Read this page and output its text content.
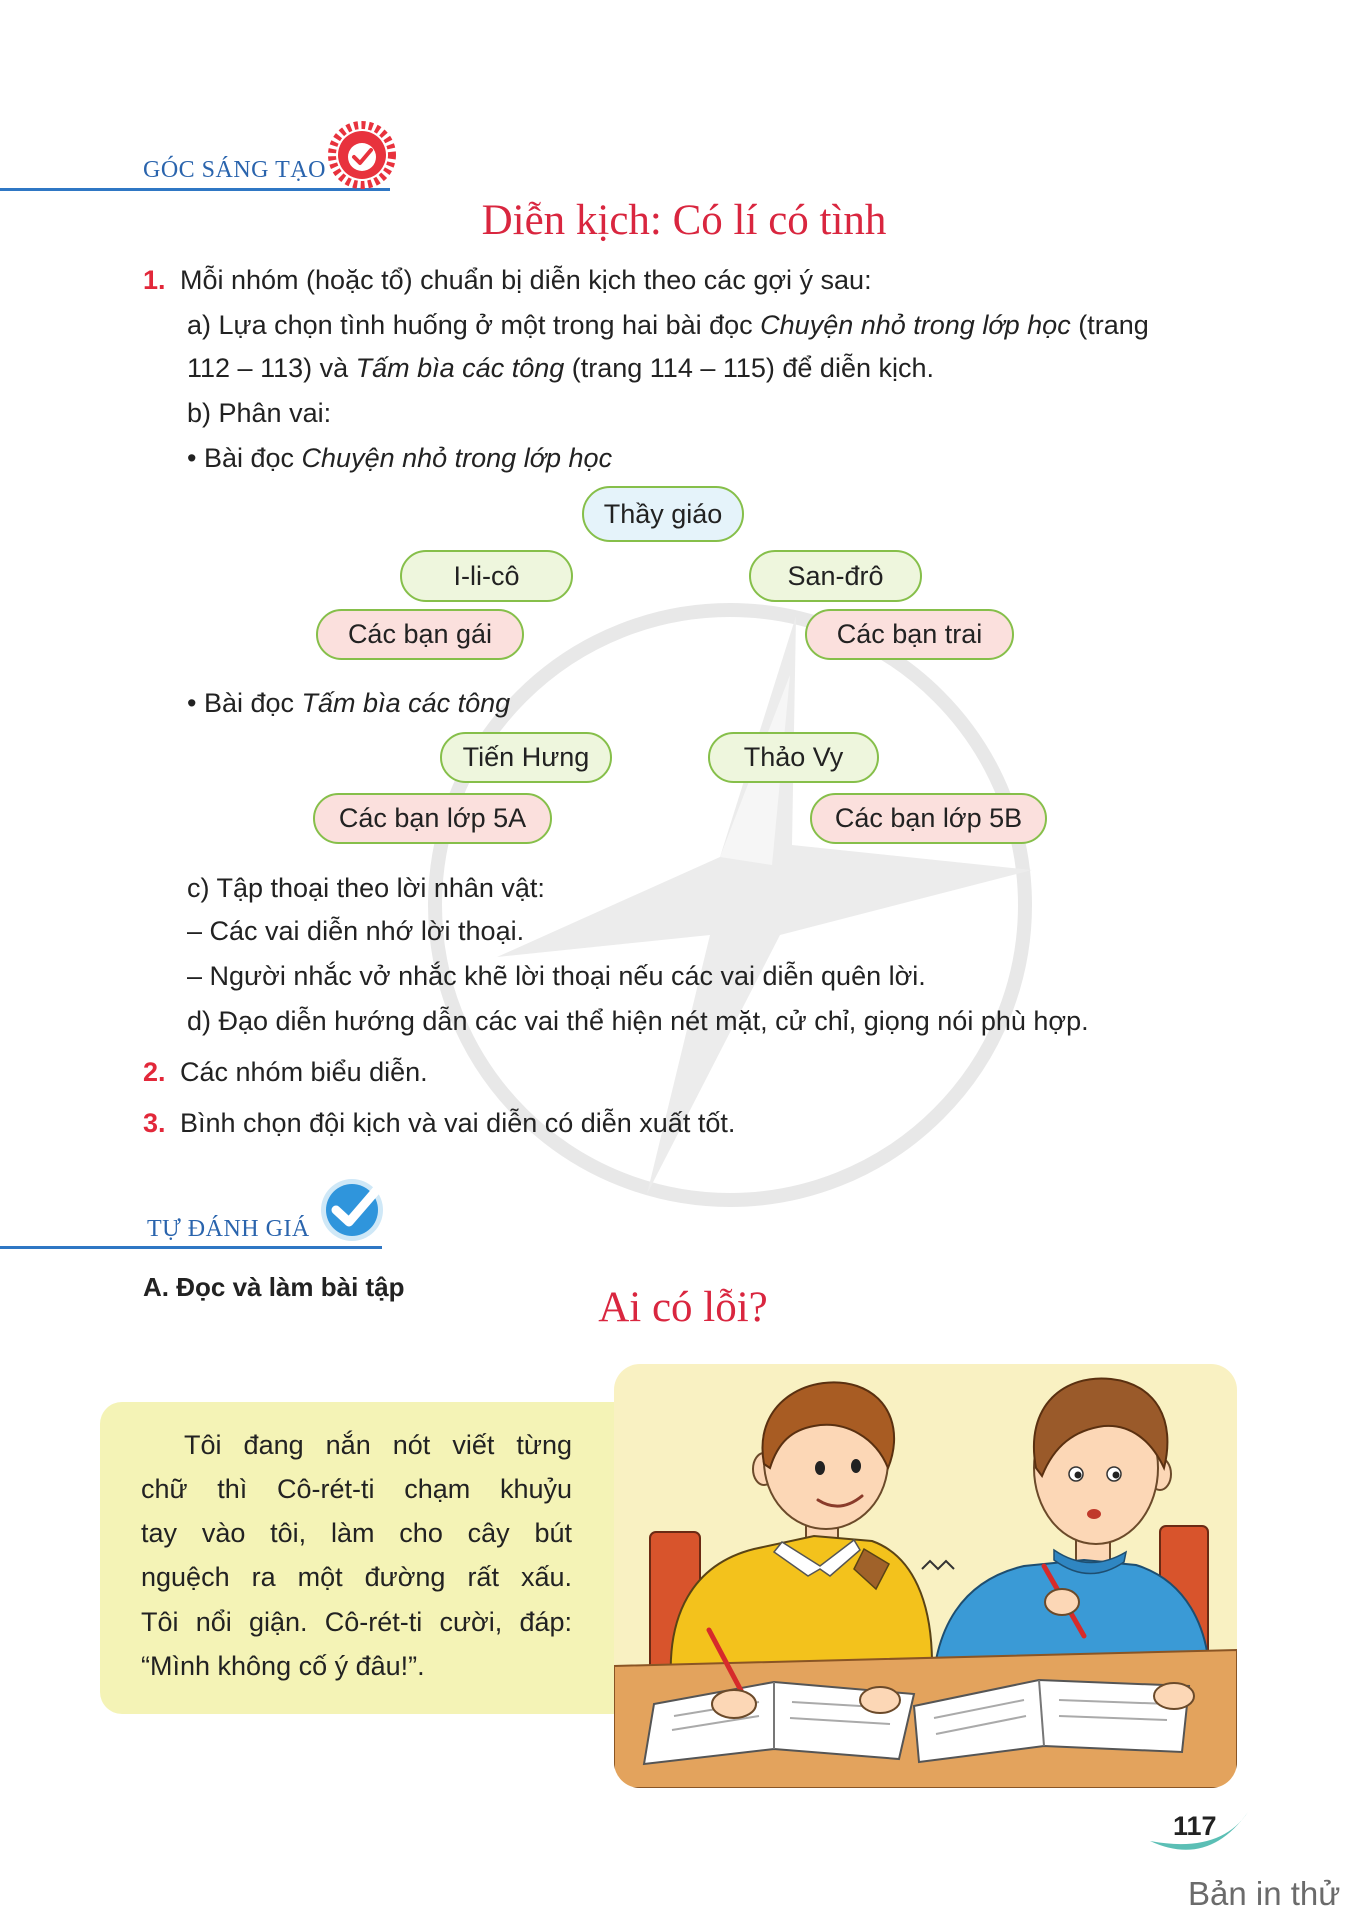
GÓC SÁNG TẠO
Diễn kịch: Có lí có tình
1. Mỗi nhóm (hoặc tổ) chuẩn bị diễn kịch theo các gợi ý sau:
a) Lựa chọn tình huống ở một trong hai bài đọc Chuyện nhỏ trong lớp học (trang
112 – 113) và Tấm bìa các tông (trang 114 – 115) để diễn kịch.
b) Phân vai:
• Bài đọc Chuyện nhỏ trong lớp học
Thầy giáo
I-li-cô	San-đrô
Các bạn gái	Các bạn trai
• Bài đọc Tấm bìa các tông
Tiến Hưng	Thảo Vy
Các bạn lớp 5A	Các bạn lớp 5B
c) Tập thoại theo lời nhân vật:
– Các vai diễn nhớ lời thoại.
– Người nhắc vở nhắc khẽ lời thoại nếu các vai diễn quên lời.
d) Đạo diễn hướng dẫn các vai thể hiện nét mặt, cử chỉ, giọng nói phù hợp.
2. Các nhóm biểu diễn.
3. Bình chọn đội kịch và vai diễn có diễn xuất tốt.
TỰ ĐÁNH GIÁ
A. Đọc và làm bài tập	Ai có lỗi?
Tôi đang nắn nót viết từng
chữ thì Cô-rét-ti chạm khuỷu
tay vào tôi, làm cho cây bút
nguệch ra một đường rất xấu.
Tôi nổi giận. Cô-rét-ti cười, đáp:
“Mình không cố ý đâu!”.
117
Bản in thử
